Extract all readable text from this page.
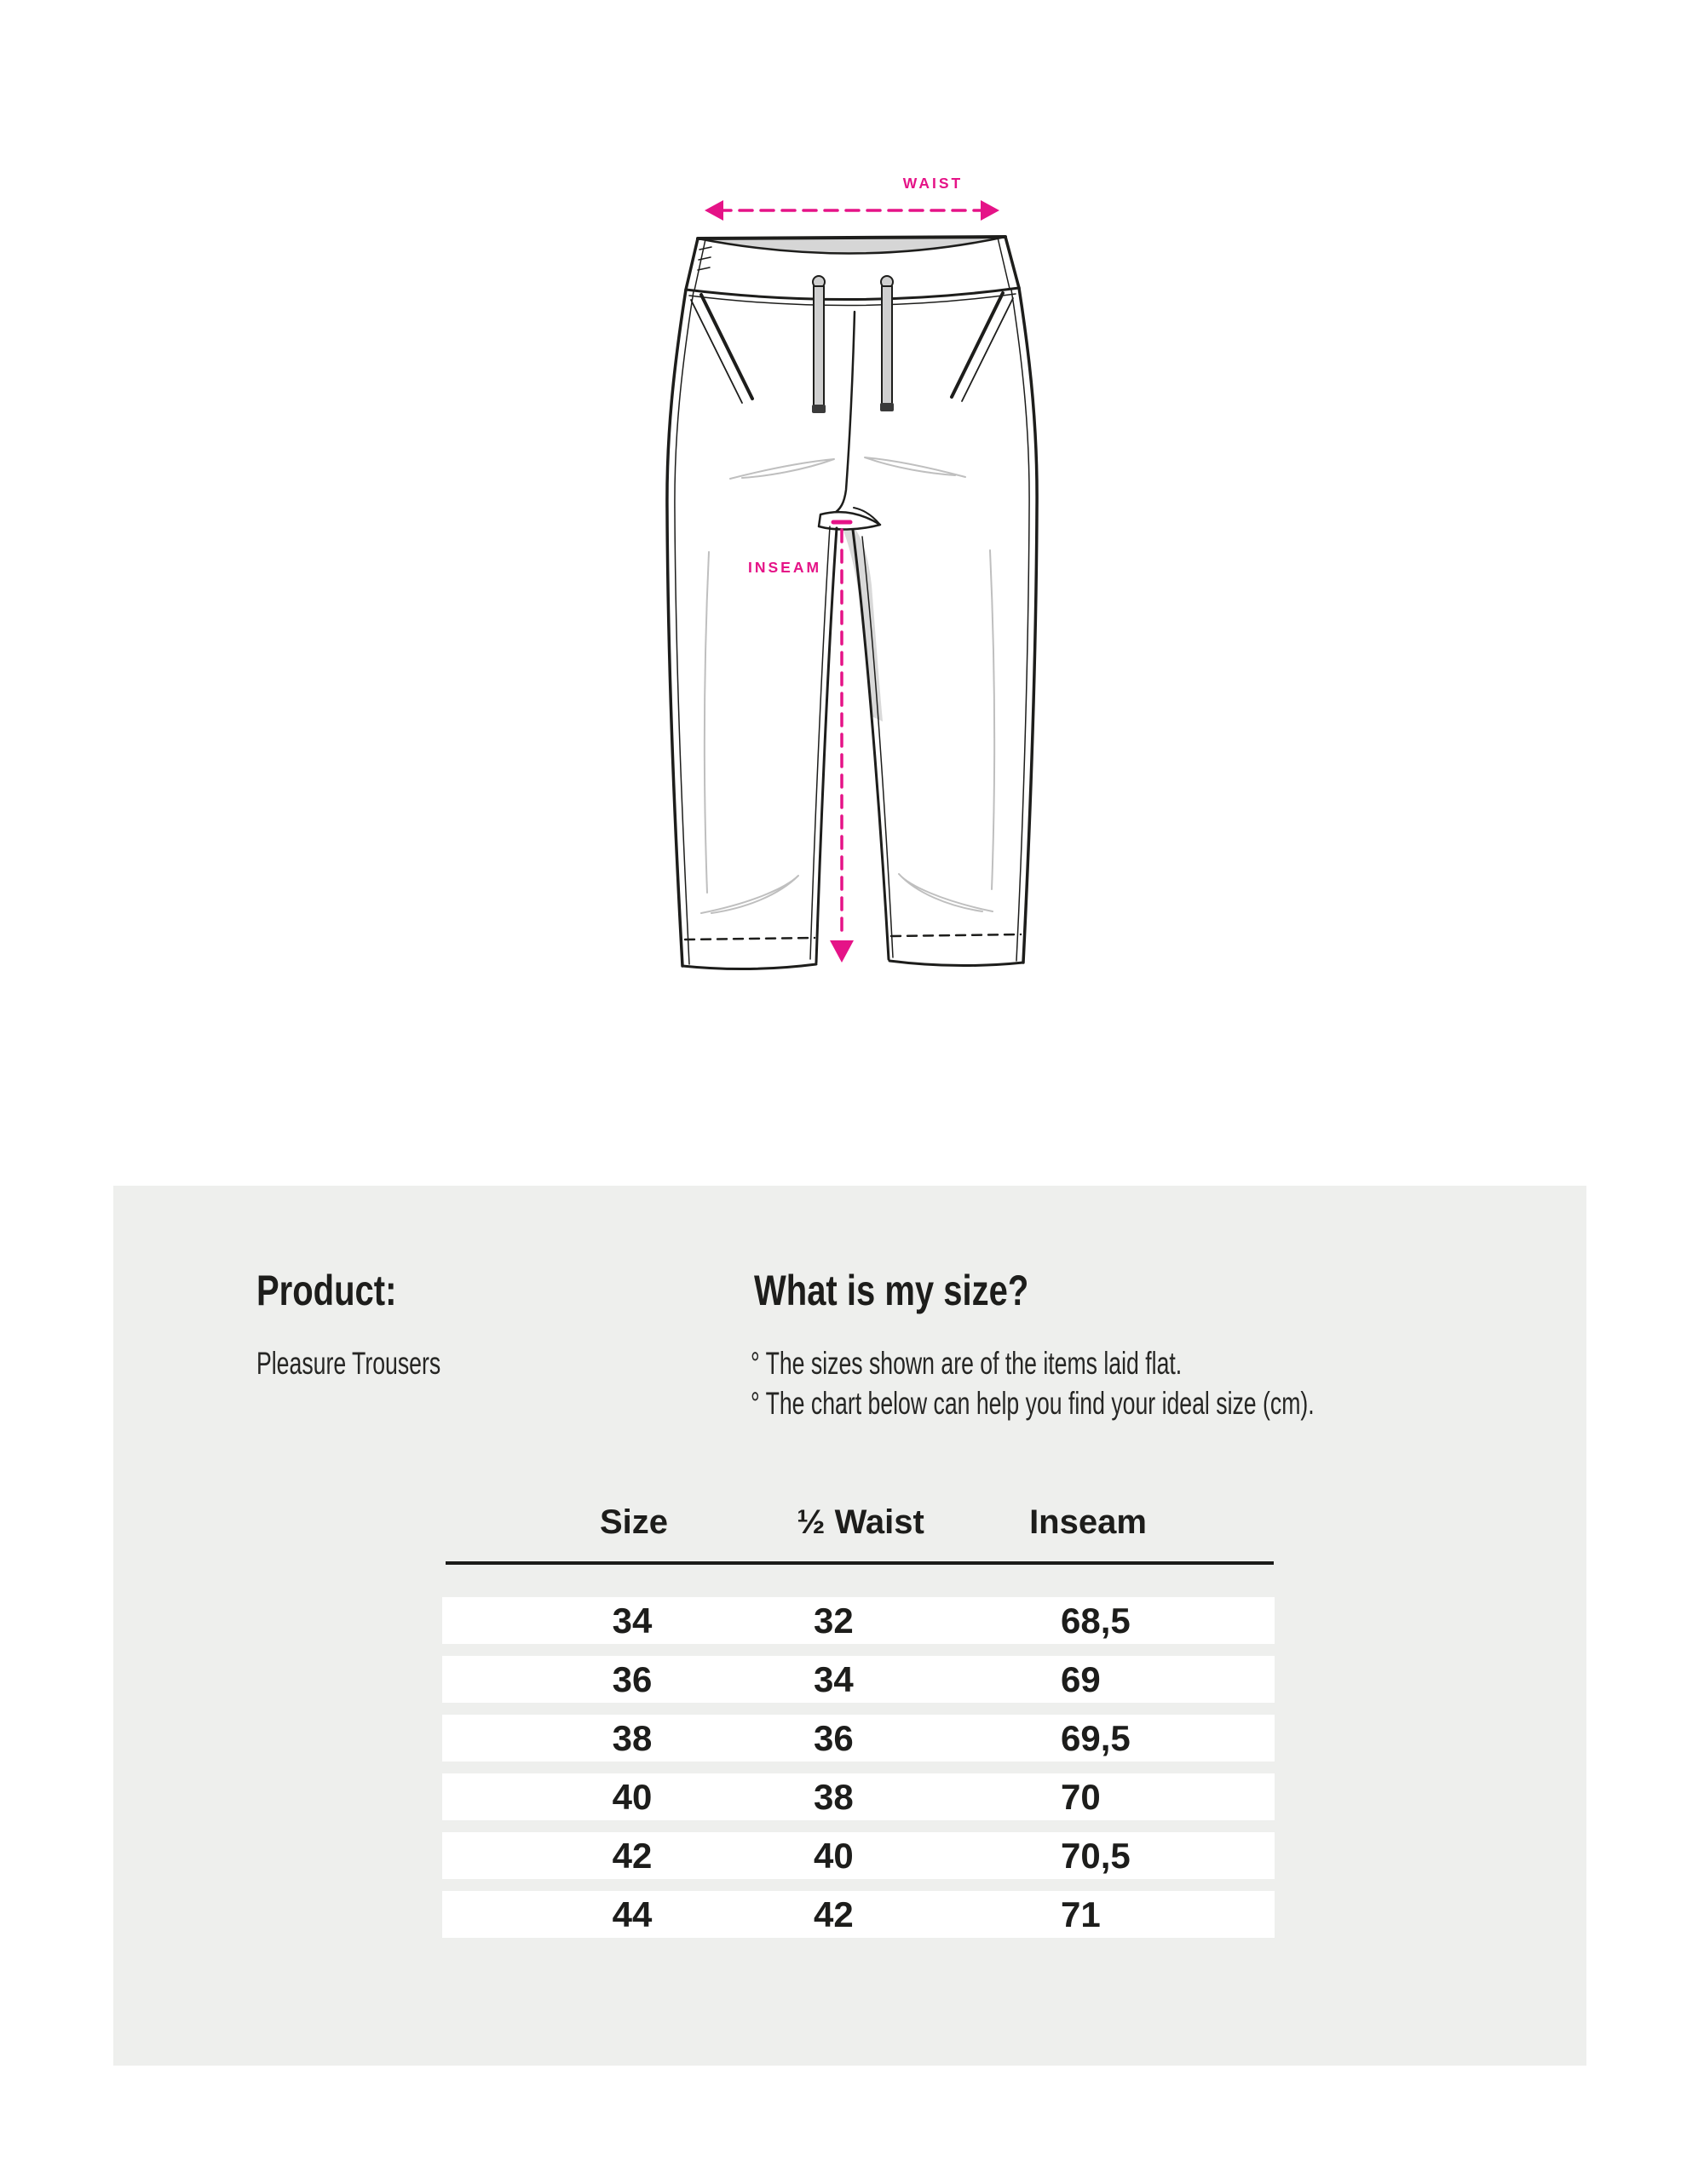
WAIST
INSEAM
Product:
Pleasure Trousers
What is my size?
° The sizes shown are of the items laid flat.
° The chart below can help you find your ideal size (cm).
Size	½ Waist	Inseam
34	32	68,5
36	34	69
38	36	69,5
40	38	70
42	40	70,5
44	42	71
